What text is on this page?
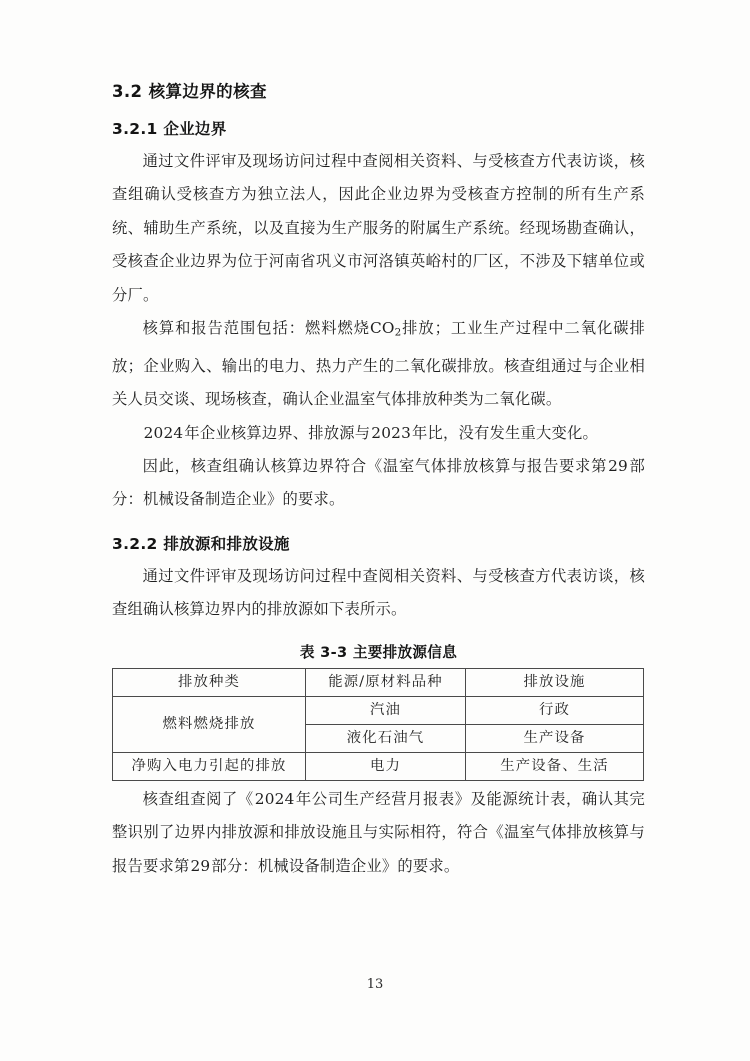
3.2 核算边界的核查
3.2.1 企业边界

通过文件评审及现场访问过程中查阅相关资料、与受核查方代表访谈，核查组确认受核查方为独立法人，因此企业边界为受核查方控制的所有生产系统、辅助生产系统，以及直接为生产服务的附属生产系统。经现场勘查确认，受核查企业边界为位于河南省巩义市河洛镇英峪村的厂区，不涉及下辖单位或分厂。

核算和报告范围包括：燃料燃烧$CO_2$排放；工业生产过程中二氧化碳排放；企业购入、输出的电力、热力产生的二氧化碳排放。核查组通过与企业相关人员交谈、现场核查，确认企业温室气体排放种类为二氧化碳。

2024年企业核算边界、排放源与2023年比，没有发生重大变化。

因此，核查组确认核算边界符合《温室气体排放核算与报告要求第29部分：机械设备制造企业》的要求。

3.2.2 排放源和排放设施

通过文件评审及现场访问过程中查阅相关资料、与受核查方代表访谈，核查组确认核算边界内的排放源如下表所示。

表 3-3 主要排放源信息
排放种类	能源/原材料品种	排放设施
燃料燃烧排放	汽油	行政
	液化石油气	生产设备
净购入电力引起的排放	电力	生产设备、生活

核查组查阅了《2024年公司生产经营月报表》及能源统计表，确认其完整识别了边界内排放源和排放设施且与实际相符，符合《温室气体排放核算与报告要求第29部分：机械设备制造企业》的要求。

13
